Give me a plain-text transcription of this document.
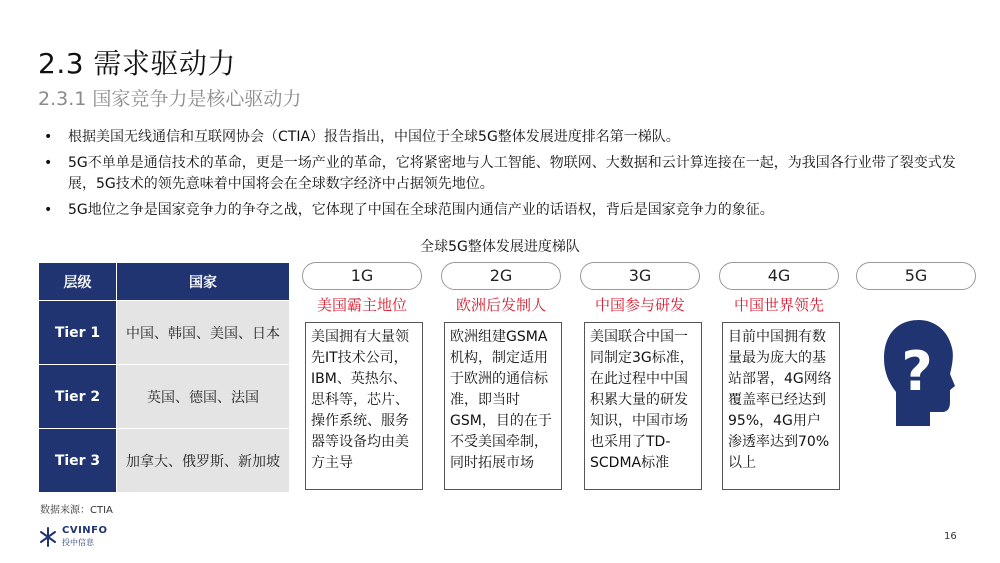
2.3 需求驱动力
2.3.1 国家竞争力是核心驱动力
• 根据美国无线通信和互联网协会（CTIA）报告指出，中国位于全球5G整体发展进度排名第一梯队。
• 5G不单单是通信技术的革命，更是一场产业的革命，它将紧密地与人工智能、物联网、大数据和云计算连接在一起，为我国各行业带了裂变式发展，5G技术的领先意味着中国将会在全球数字经济中占据领先地位。
• 5G地位之争是国家竞争力的争夺之战，它体现了中国在全球范围内通信产业的话语权，背后是国家竞争力的象征。
全球5G整体发展进度梯队
层级	国家
Tier 1	中国、韩国、美国、日本
Tier 2	英国、德国、法国
Tier 3	加拿大、俄罗斯、新加坡
1G
美国霸主地位
美国拥有大量领先IT技术公司，IBM、英热尔、思科等，芯片、操作系统、服务器等设备均由美方主导
2G
欧洲后发制人
欧洲组建GSMA机构，制定适用于欧洲的通信标准，即当时GSM，目的在于不受美国牵制，同时拓展市场
3G
中国参与研发
美国联合中国一同制定3G标准，在此过程中中国积累大量的研发知识，中国市场也采用了TD-SCDMA标准
4G
中国世界领先
目前中国拥有数量最为庞大的基站部署，4G网络覆盖率已经达到95%，4G用户渗透率达到70%以上
5G
?
数据来源：CTIA
CVINFO
投中信息
16
